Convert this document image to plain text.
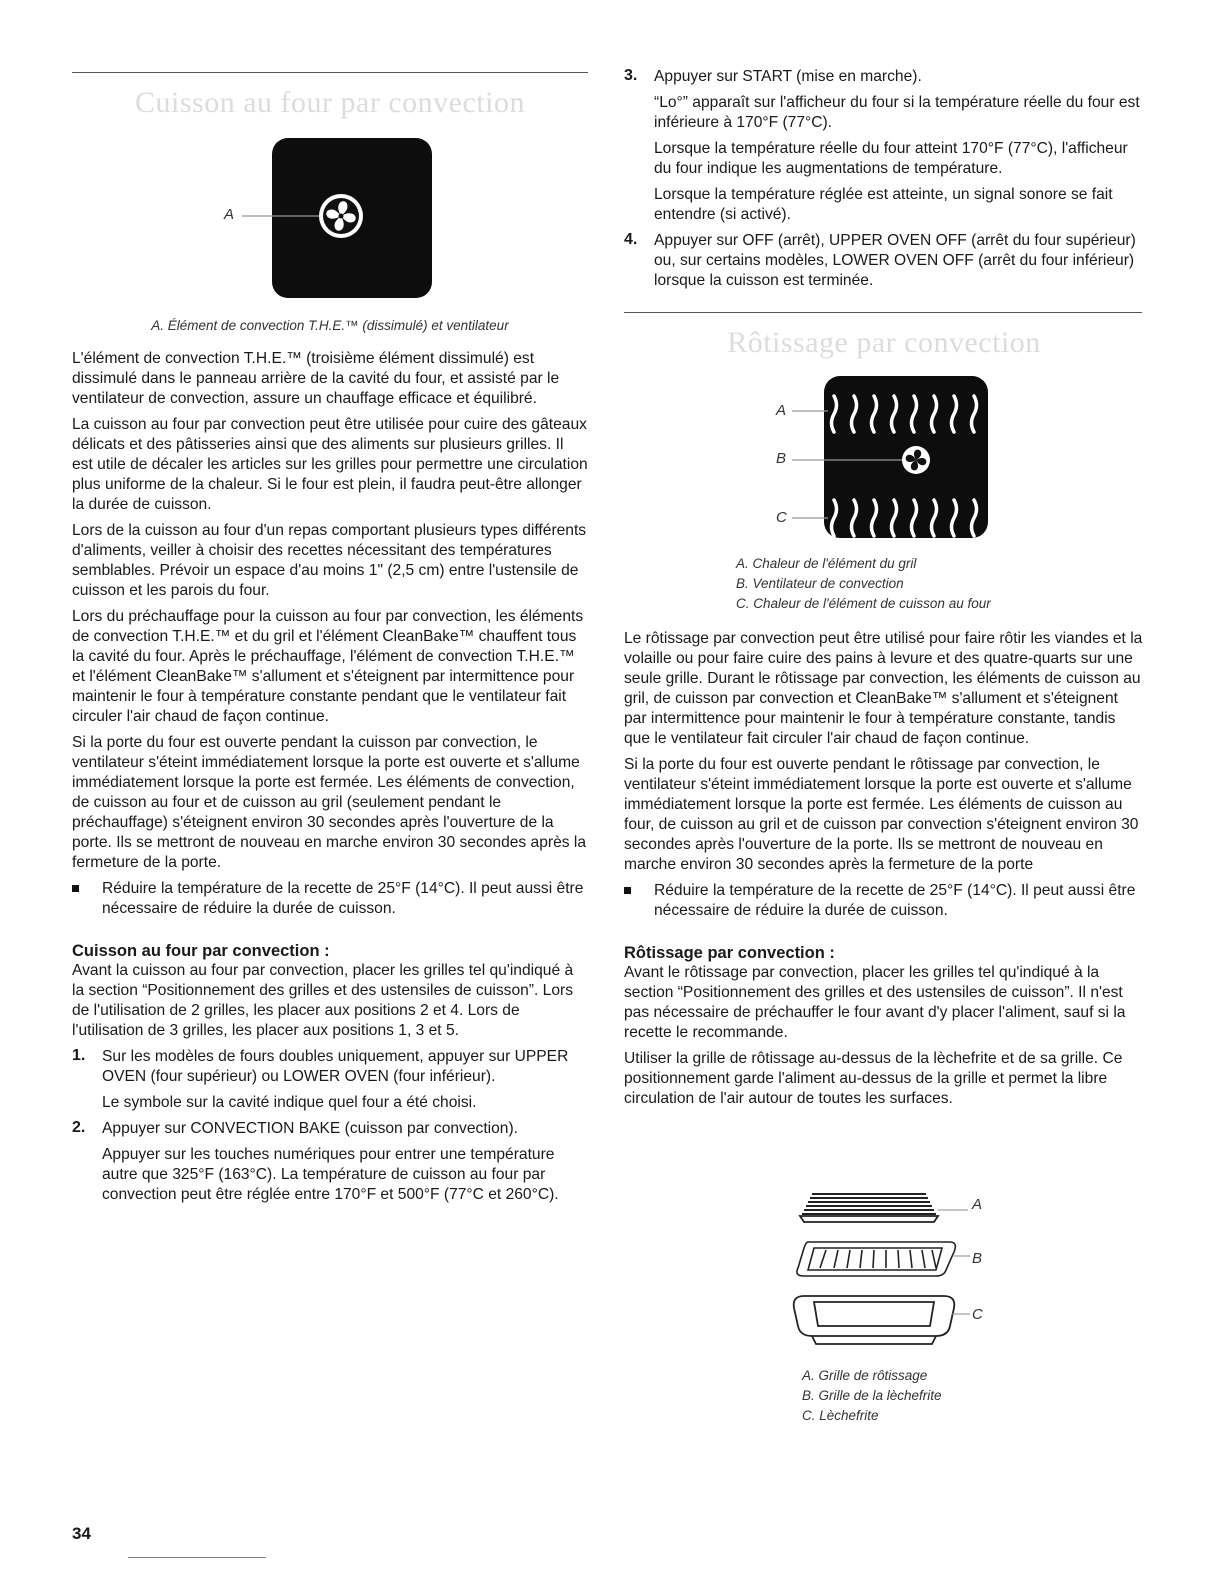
Cuisson au four par convection
A
A. Élément de convection T.H.E.™ (dissimulé) et ventilateur

L'élément de convection T.H.E.™ (troisième élément dissimulé) est dissimulé dans le panneau arrière de la cavité du four, et assisté par le ventilateur de convection, assure un chauffage efficace et équilibré.

La cuisson au four par convection peut être utilisée pour cuire des gâteaux délicats et des pâtisseries ainsi que des aliments sur plusieurs grilles. Il est utile de décaler les articles sur les grilles pour permettre une circulation plus uniforme de la chaleur. Si le four est plein, il faudra peut-être allonger la durée de cuisson.

Lors de la cuisson au four d'un repas comportant plusieurs types différents d'aliments, veiller à choisir des recettes nécessitant des températures semblables. Prévoir un espace d'au moins 1" (2,5 cm) entre l'ustensile de cuisson et les parois du four.

Lors du préchauffage pour la cuisson au four par convection, les éléments de convection T.H.E.™ et du gril et l'élément CleanBake™ chauffent tous la cavité du four. Après le préchauffage, l'élément de convection T.H.E.™ et l'élément CleanBake™ s'allument et s'éteignent par intermittence pour maintenir le four à température constante pendant que le ventilateur fait circuler l'air chaud de façon continue.

Si la porte du four est ouverte pendant la cuisson par convection, le ventilateur s'éteint immédiatement lorsque la porte est ouverte et s'allume immédiatement lorsque la porte est fermée. Les éléments de convection, de cuisson au four et de cuisson au gril (seulement pendant le préchauffage) s'éteignent environ 30 secondes après l'ouverture de la porte. Ils se mettront de nouveau en marche environ 30 secondes après la fermeture de la porte.

Réduire la température de la recette de 25°F (14°C). Il peut aussi être nécessaire de réduire la durée de cuisson.

Cuisson au four par convection :

Avant la cuisson au four par convection, placer les grilles tel qu'indiqué à la section “Positionnement des grilles et des ustensiles de cuisson”. Lors de l'utilisation de 2 grilles, les placer aux positions 2 et 4. Lors de l'utilisation de 3 grilles, les placer aux positions 1, 3 et 5.

1. Sur les modèles de fours doubles uniquement, appuyer sur UPPER OVEN (four supérieur) ou LOWER OVEN (four inférieur).

Le symbole sur la cavité indique quel four a été choisi.

2. Appuyer sur CONVECTION BAKE (cuisson par convection).

Appuyer sur les touches numériques pour entrer une température autre que 325°F (163°C). La température de cuisson au four par convection peut être réglée entre 170°F et 500°F (77°C et 260°C).

3. Appuyer sur START (mise en marche).

“Lo°” apparaît sur l'afficheur du four si la température réelle du four est inférieure à 170°F (77°C).

Lorsque la température réelle du four atteint 170°F (77°C), l'afficheur du four indique les augmentations de température.

Lorsque la température réglée est atteinte, un signal sonore se fait entendre (si activé).

4. Appuyer sur OFF (arrêt), UPPER OVEN OFF (arrêt du four supérieur) ou, sur certains modèles, LOWER OVEN OFF (arrêt du four inférieur) lorsque la cuisson est terminée.

Rôtissage par convection
A
B
C
A. Chaleur de l'élément du gril
B. Ventilateur de convection
C. Chaleur de l'élément de cuisson au four

Le rôtissage par convection peut être utilisé pour faire rôtir les viandes et la volaille ou pour faire cuire des pains à levure et des quatre-quarts sur une seule grille. Durant le rôtissage par convection, les éléments de cuisson au gril, de cuisson par convection et CleanBake™ s'allument et s'éteignent par intermittence pour maintenir le four à température constante, tandis que le ventilateur fait circuler l'air chaud de façon continue.

Si la porte du four est ouverte pendant le rôtissage par convection, le ventilateur s'éteint immédiatement lorsque la porte est ouverte et s'allume immédiatement lorsque la porte est fermée. Les éléments de cuisson au four, de cuisson au gril et de cuisson par convection s'éteignent environ 30 secondes après l'ouverture de la porte. Ils se mettront de nouveau en marche environ 30 secondes après la fermeture de la porte

Réduire la température de la recette de 25°F (14°C). Il peut aussi être nécessaire de réduire la durée de cuisson.

Rôtissage par convection :

Avant le rôtissage par convection, placer les grilles tel qu'indiqué à la section “Positionnement des grilles et des ustensiles de cuisson”. Il n'est pas nécessaire de préchauffer le four avant d'y placer l'aliment, sauf si la recette le recommande.

Utiliser la grille de rôtissage au-dessus de la lèchefrite et de sa grille. Ce positionnement garde l'aliment au-dessus de la grille et permet la libre circulation de l'air autour de toutes les surfaces.

A
B
C
A. Grille de rôtissage
B. Grille de la lèchefrite
C. Lèchefrite
34
